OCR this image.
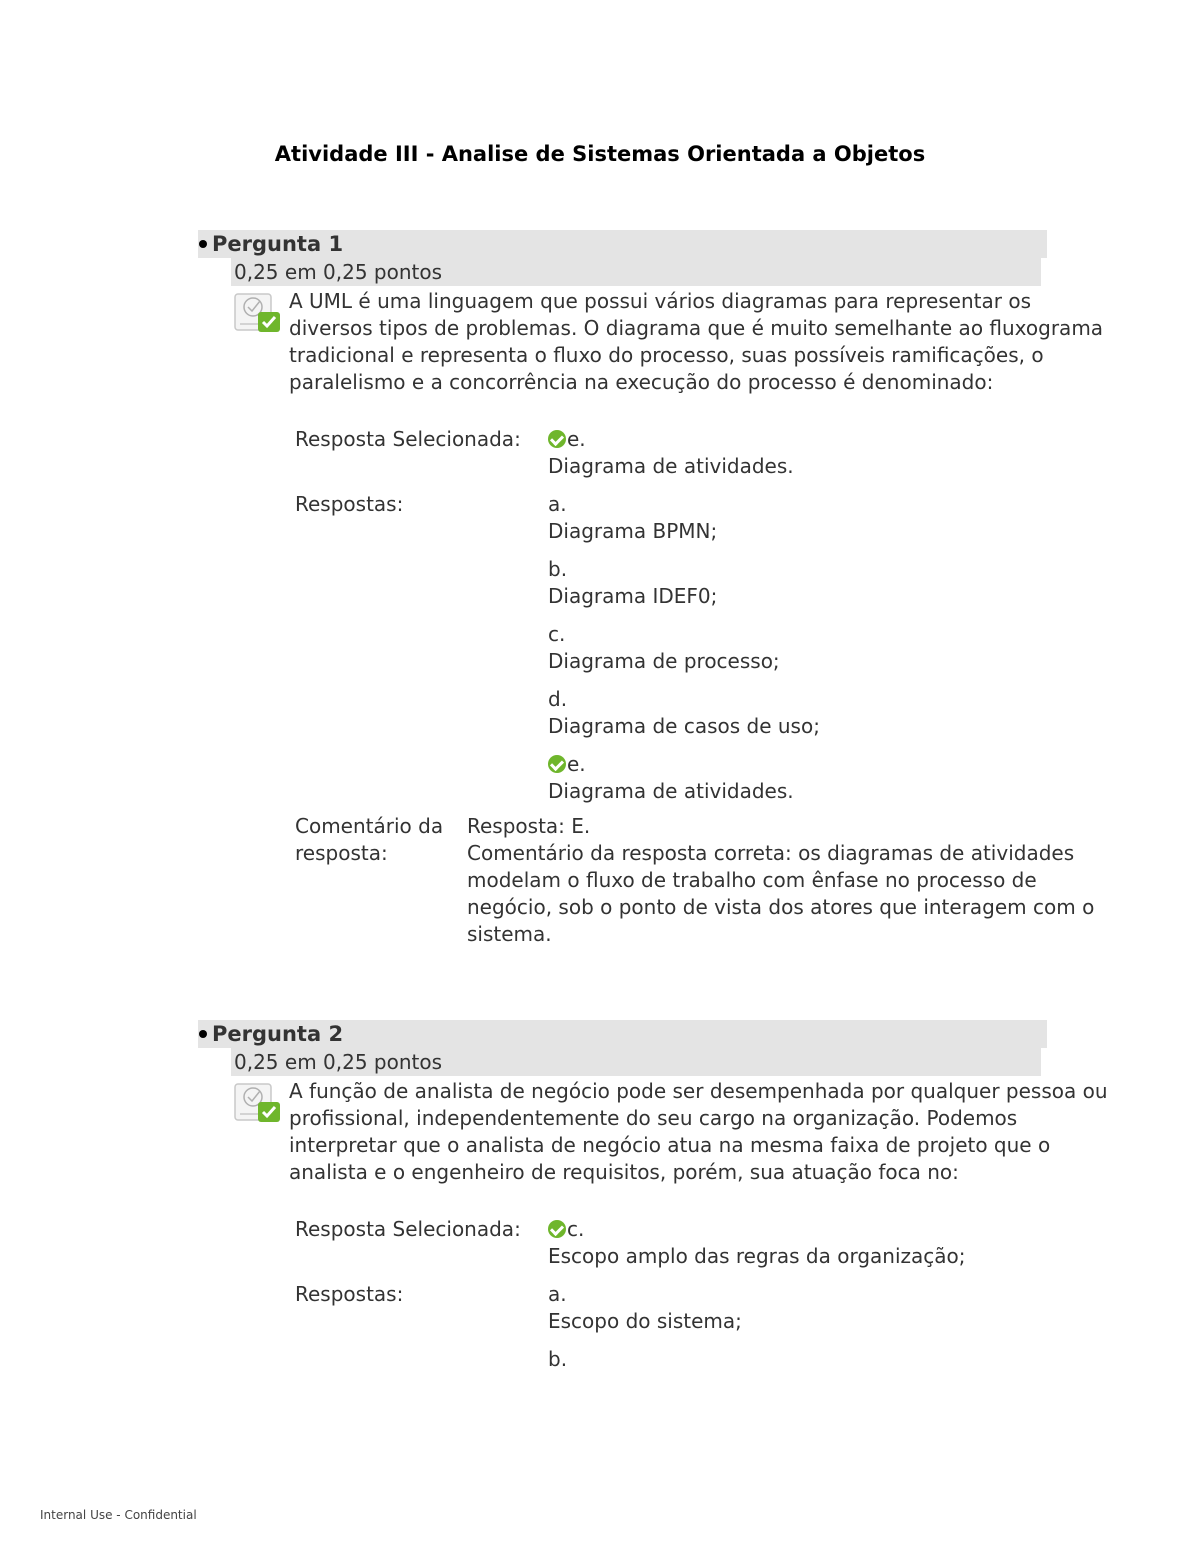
Atividade III - Analise de Sistemas Orientada a Objetos
Pergunta 1
0,25 em 0,25 pontos
A UML é uma linguagem que possui vários diagramas para representar os diversos tipos de problemas. O diagrama que é muito semelhante ao fluxograma tradicional e representa o fluxo do processo, suas possíveis ramificações, o paralelismo e a concorrência na execução do processo é denominado:
Resposta Selecionada:	e.
Diagrama de atividades.
Respostas:	a.
Diagrama BPMN;
b.
Diagrama IDEF0;
c.
Diagrama de processo;
d.
Diagrama de casos de uso;
e.
Diagrama de atividades.
Comentário da
resposta:
Resposta: E.
Comentário da resposta correta: os diagramas de atividades modelam o fluxo de trabalho com ênfase no processo de negócio, sob o ponto de vista dos atores que interagem com o sistema.
Pergunta 2
0,25 em 0,25 pontos
A função de analista de negócio pode ser desempenhada por qualquer pessoa ou profissional, independentemente do seu cargo na organização. Podemos interpretar que o analista de negócio atua na mesma faixa de projeto que o analista e o engenheiro de requisitos, porém, sua atuação foca no:
Resposta Selecionada:	c.
Escopo amplo das regras da organização;
Respostas:	a.
Escopo do sistema;
b.
Internal Use - Confidential
